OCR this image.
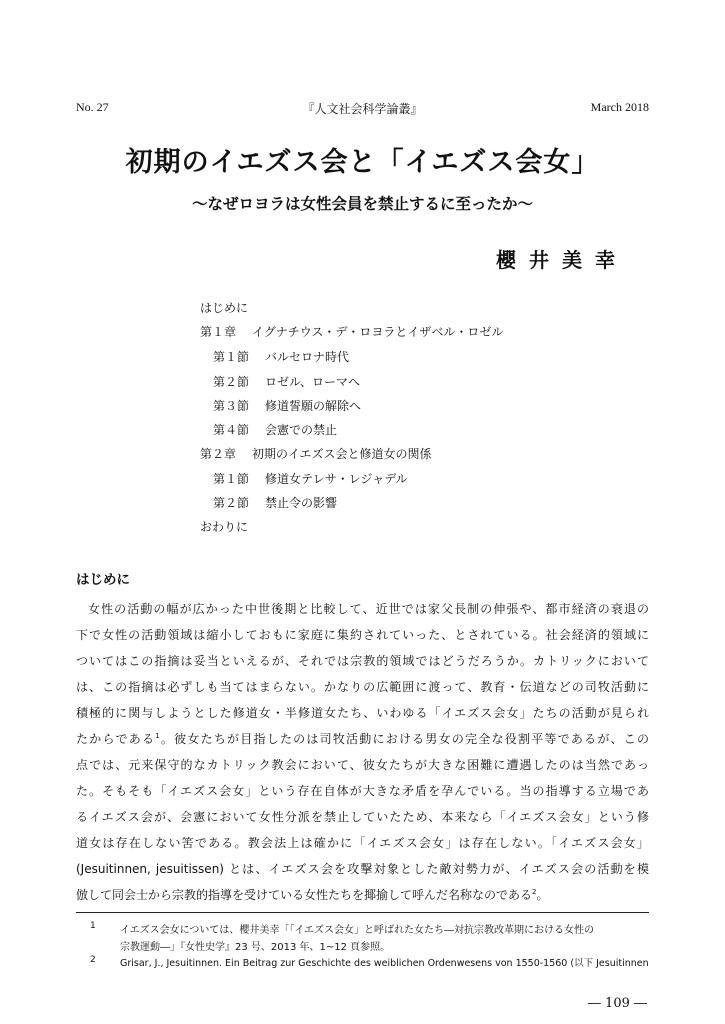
No. 27	『人文社会科学論叢』	March 2018
初期のイエズス会と「イエズス会女」
～なぜロヨラは女性会員を禁止するに至ったか～
櫻井美幸
はじめに
第１章 イグナチウス・デ・ロヨラとイザベル・ロゼル
第１節 バルセロナ時代
第２節 ロゼル、ローマへ
第３節 修道誓願の解除へ
第４節 会憲での禁止
第２章 初期のイエズス会と修道女の関係
第１節 修道女テレサ・レジャデル
第２節 禁止令の影響
おわりに
はじめに
女性の活動の幅が広かった中世後期と比較して、近世では家父長制の伸張や、都市経済の衰退の
下で女性の活動領域は縮小しておもに家庭に集約されていった、とされている。社会経済的領域に
ついてはこの指摘は妥当といえるが、それでは宗教的領域ではどうだろうか。カトリックにおいて
は、この指摘は必ずしも当てはまらない。かなりの広範囲に渡って、教育・伝道などの司牧活動に
積極的に関与しようとした修道女・半修道女たち、いわゆる「イエズス会女」たちの活動が見られ
たからである$^1$。彼女たちが目指したのは司牧活動における男女の完全な役割平等であるが、この
点では、元来保守的なカトリック教会において、彼女たちが大きな困難に遭遇したのは当然であっ
た。そもそも「イエズス会女」という存在自体が大きな矛盾を孕んでいる。当の指導する立場であ
るイエズス会が、会憲において女性分派を禁止していたため、本来なら「イエズス会女」という修
道女は存在しない筈である。教会法上は確かに「イエズス会女」は存在しない。「イエズス会女」
(Jesuitinnen, jesuitissen) とは、イエズス会を攻撃対象とした敵対勢力が、イエズス会の活動を模
倣して同会士から宗教的指導を受けている女性たちを揶揄して呼んだ名称なのである$^2$。
1 イエズス会女については、櫻井美幸「「イエズス会女」と呼ばれた女たち―対抗宗教改革期における女性の
宗教運動―」『女性史学』23 号、2013 年、1~12 頁参照。
2	Grisar, J., Jesuitinnen. Ein Beitrag zur Geschichte des weiblichen Ordenwesens von 1550-1560 (以下 Jesuitinnen
― 109 ―
